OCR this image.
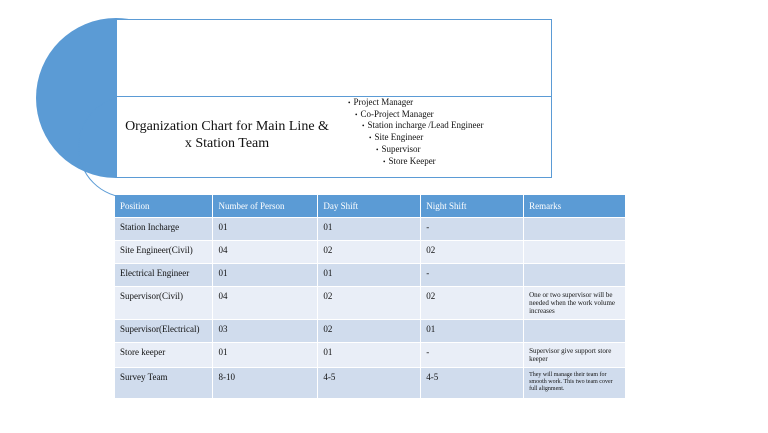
Organization Chart for Main Line & x Station Team
• Project Manager
• Co-Project Manager
• Station incharge /Lead Engineer
• Site Engineer
• Supervisor
• Store Keeper
Position	Number of Person	Day Shift	Night Shift	Remarks
Station Incharge	01	01	-	
Site Engineer(Civil)	04	02	02	
Electrical Engineer	01	01	-	
Supervisor(Civil)	04	02	02	One or two supervisor will be needed when the work volume increases
Supervisor(Electrical)	03	02	01	
Store keeper	01	01	-	Supervisor give support store keeper
Survey Team	8-10	4-5	4-5	They will manage their team for smooth work. This two team cover full alignment.
